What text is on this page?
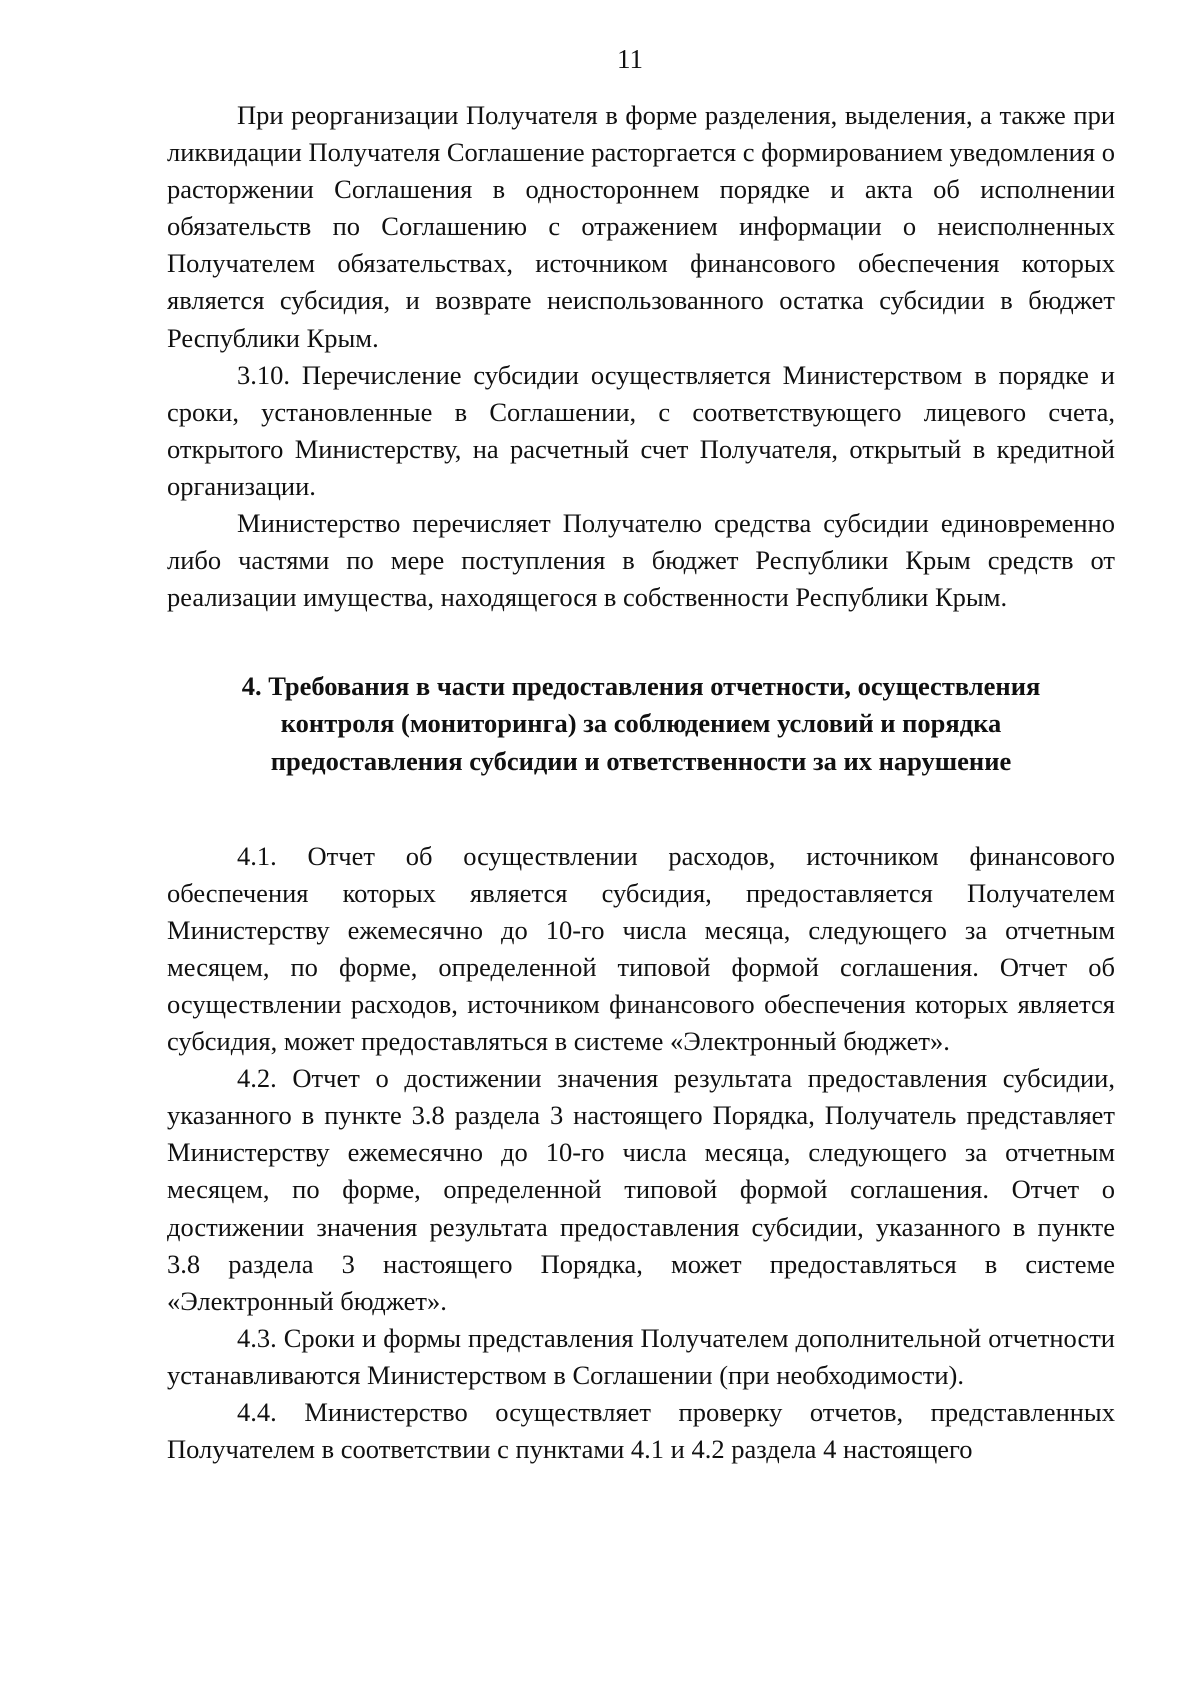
11

При реорганизации Получателя в форме разделения, выделения, а также при ликвидации Получателя Соглашение расторгается с формированием уведомления о расторжении Соглашения в одностороннем порядке и акта об исполнении обязательств по Соглашению с отражением информации о неисполненных Получателем обязательствах, источником финансового обеспечения которых является субсидия, и возврате неиспользованного остатка субсидии в бюджет Республики Крым.

3.10. Перечисление субсидии осуществляется Министерством в порядке и сроки, установленные в Соглашении, с соответствующего лицевого счета, открытого Министерству, на расчетный счет Получателя, открытый в кредитной организации.

Министерство перечисляет Получателю средства субсидии единовременно либо частями по мере поступления в бюджет Республики Крым средств от реализации имущества, находящегося в собственности Республики Крым.

4. Требования в части предоставления отчетности, осуществления
контроля (мониторинга) за соблюдением условий и порядка
предоставления субсидии и ответственности за их нарушение

4.1. Отчет об осуществлении расходов, источником финансового обеспечения которых является субсидия, предоставляется Получателем Министерству ежемесячно до 10-го числа месяца, следующего за отчетным месяцем, по форме, определенной типовой формой соглашения. Отчет об осуществлении расходов, источником финансового обеспечения которых является субсидия, может предоставляться в системе «Электронный бюджет».

4.2. Отчет о достижении значения результата предоставления субсидии, указанного в пункте 3.8 раздела 3 настоящего Порядка, Получатель представляет Министерству ежемесячно до 10-го числа месяца, следующего за отчетным месяцем, по форме, определенной типовой формой соглашения. Отчет о достижении значения результата предоставления субсидии, указанного в пункте 3.8 раздела 3 настоящего Порядка, может предоставляться в системе «Электронный бюджет».

4.3. Сроки и формы представления Получателем дополнительной отчетности устанавливаются Министерством в Соглашении (при необходимости).

4.4. Министерство осуществляет проверку отчетов, представленных Получателем в соответствии с пунктами 4.1 и 4.2 раздела 4 настоящего
